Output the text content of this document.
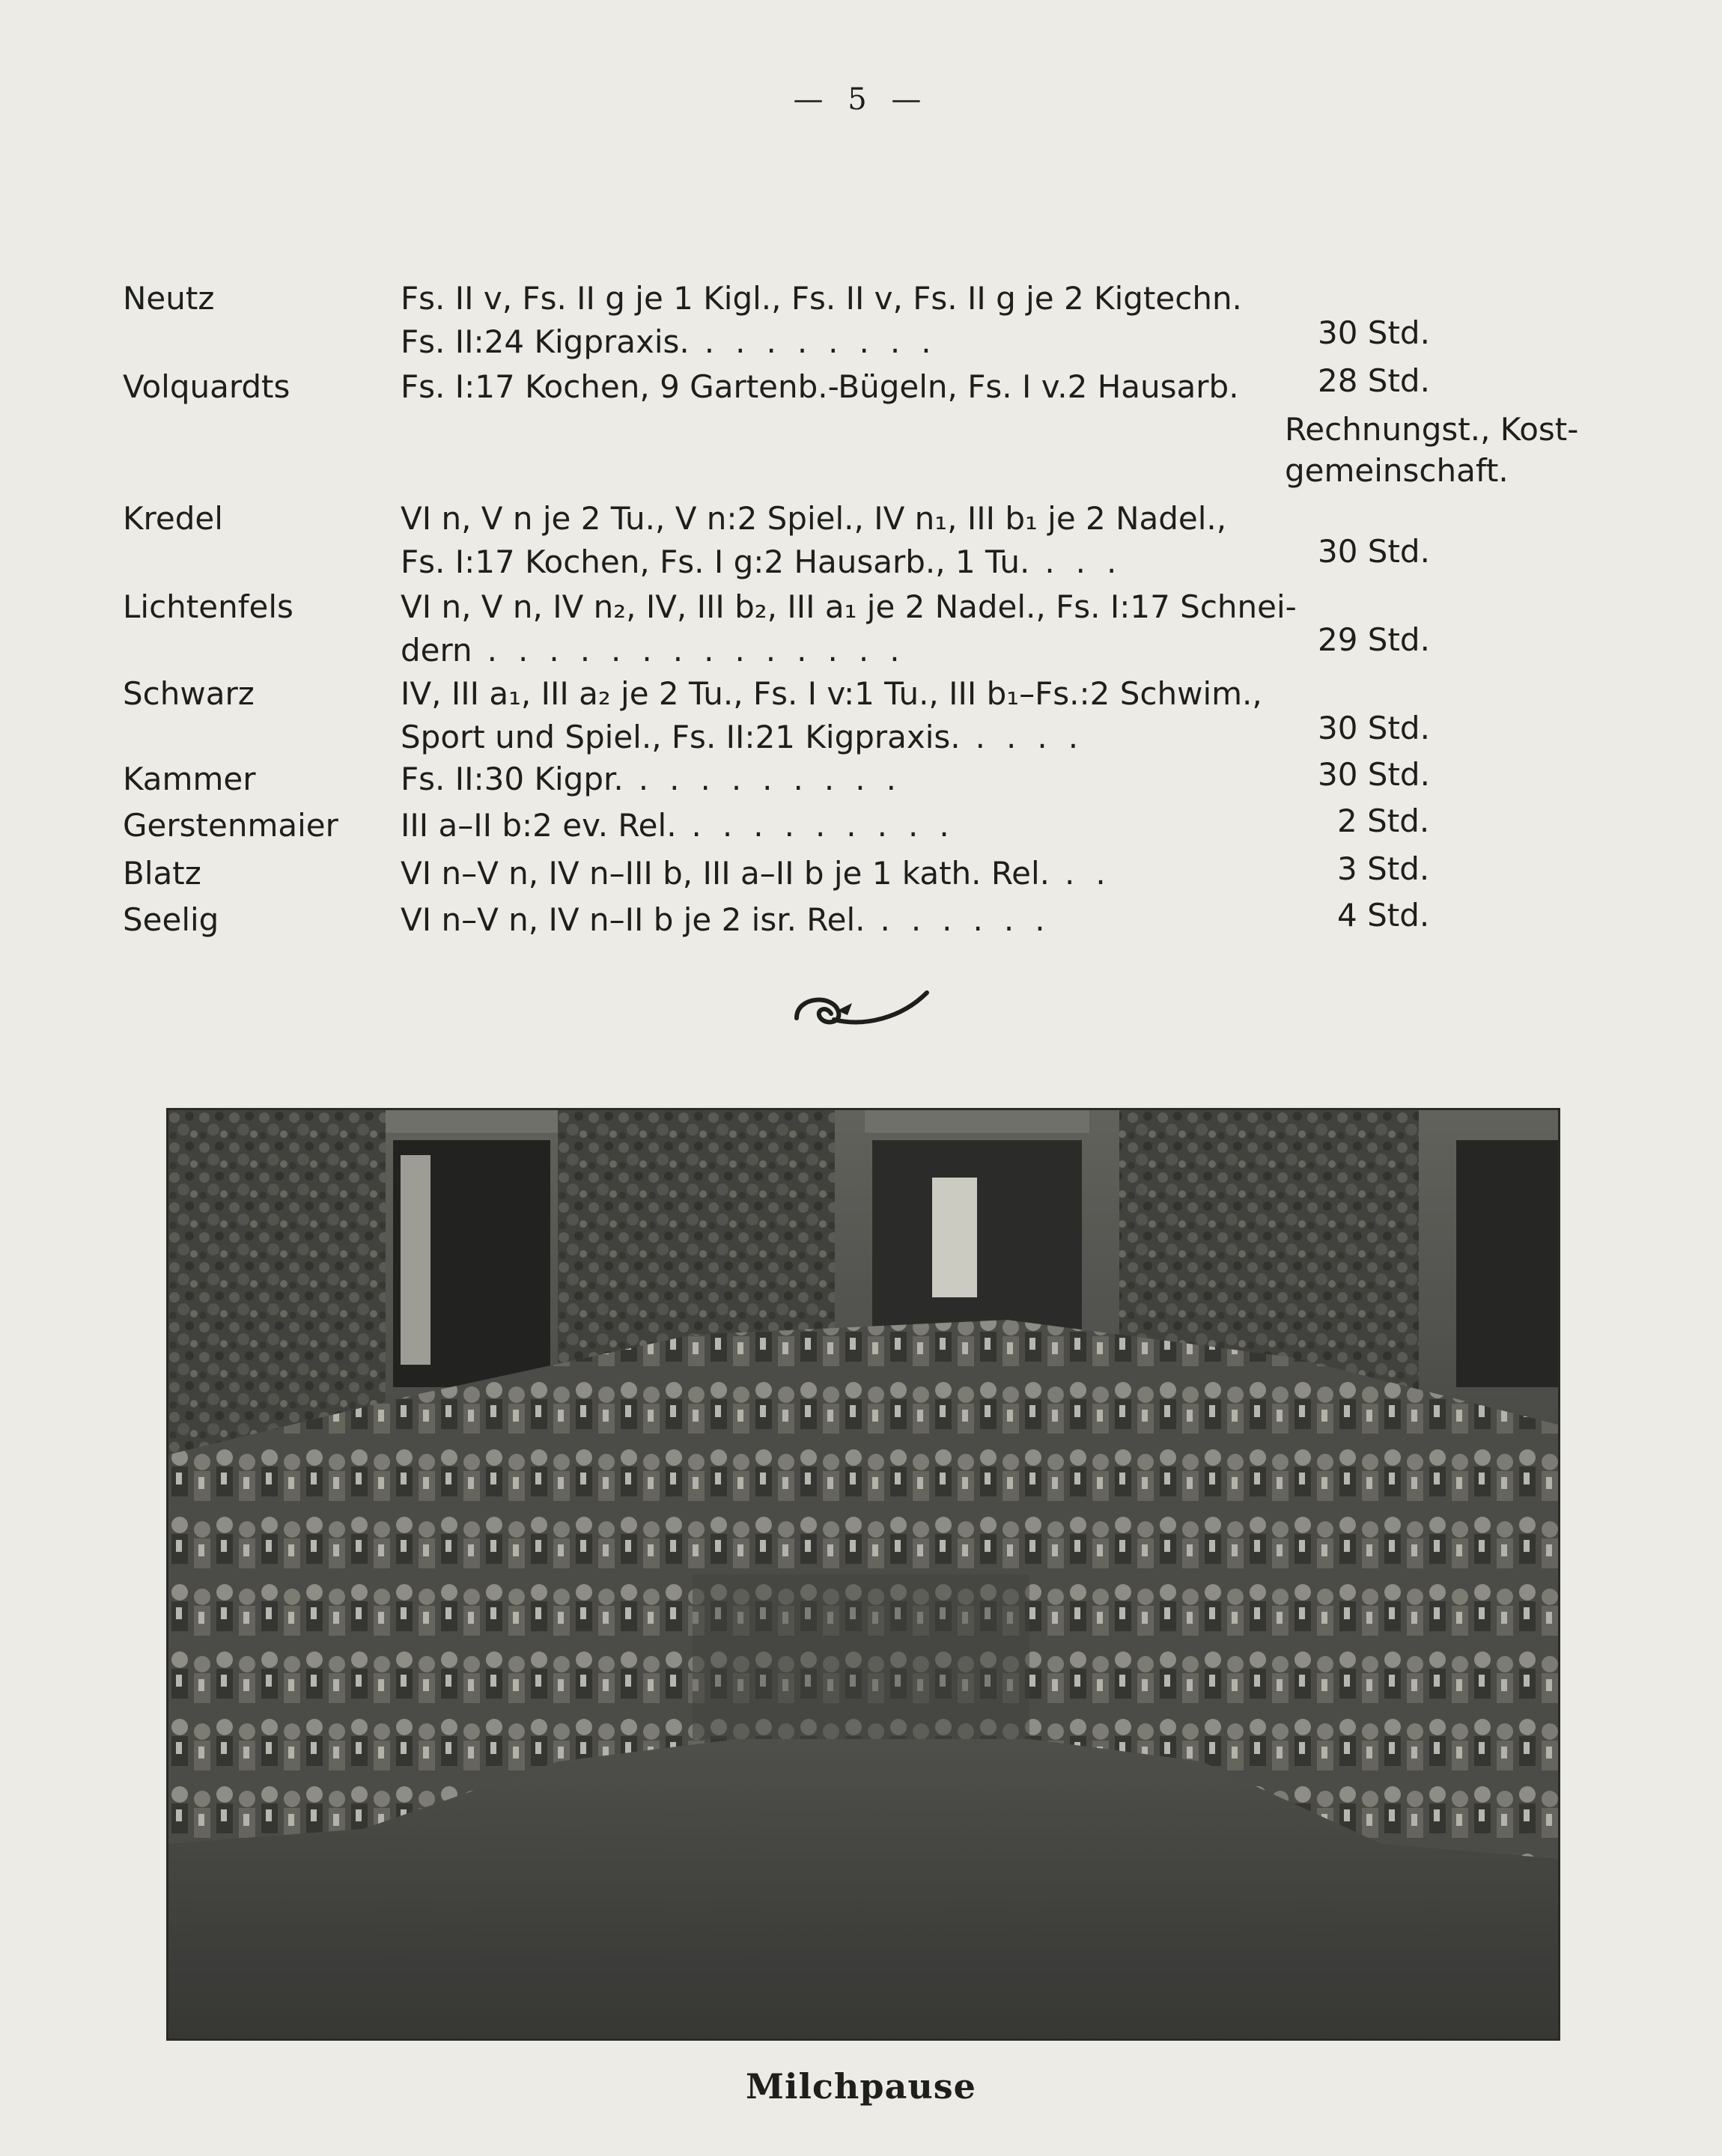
— 5 —
Neutz	Fs. II v, Fs. II g je 1 Kigl., Fs. II v, Fs. II g je 2 Kigtechn.
Fs. II:24 Kigpraxis. ........	30 Std.
Volquardts	Fs. I:17 Kochen, 9 Gartenb.-Bügeln, Fs. I v.2 Hausarb.	28 Std.
Rechnungst., Kost-gemeinschaft.
Kredel	VI n, V n je 2 Tu., V n:2 Spiel., IV n₁, III b₁ je 2 Nadel.,
Fs. I:17 Kochen, Fs. I g:2 Hausarb., 1 Tu. ...	30 Std.
Lichtenfels	VI n, V n, IV n₂, IV, III b₂, III a₁ je 2 Nadel., Fs. I:17 Schnei-
dern ..............	29 Std.
Schwarz	IV, III a₁, III a₂ je 2 Tu., Fs. I v:1 Tu., III b₁–Fs.:2 Schwim.,
Sport und Spiel., Fs. II:21 Kigpraxis. ....	30 Std.
Kammer	Fs. II:30 Kigpr. .........	30 Std.
Gerstenmaier III a–II b:2 ev. Rel. .........	2 Std.
Blatz	VI n–V n, IV n–III b, III a–II b je 1 kath. Rel. ..	3 Std.
Seelig	VI n–V n, IV n–II b je 2 isr. Rel. ......	4 Std.
Milchpause
